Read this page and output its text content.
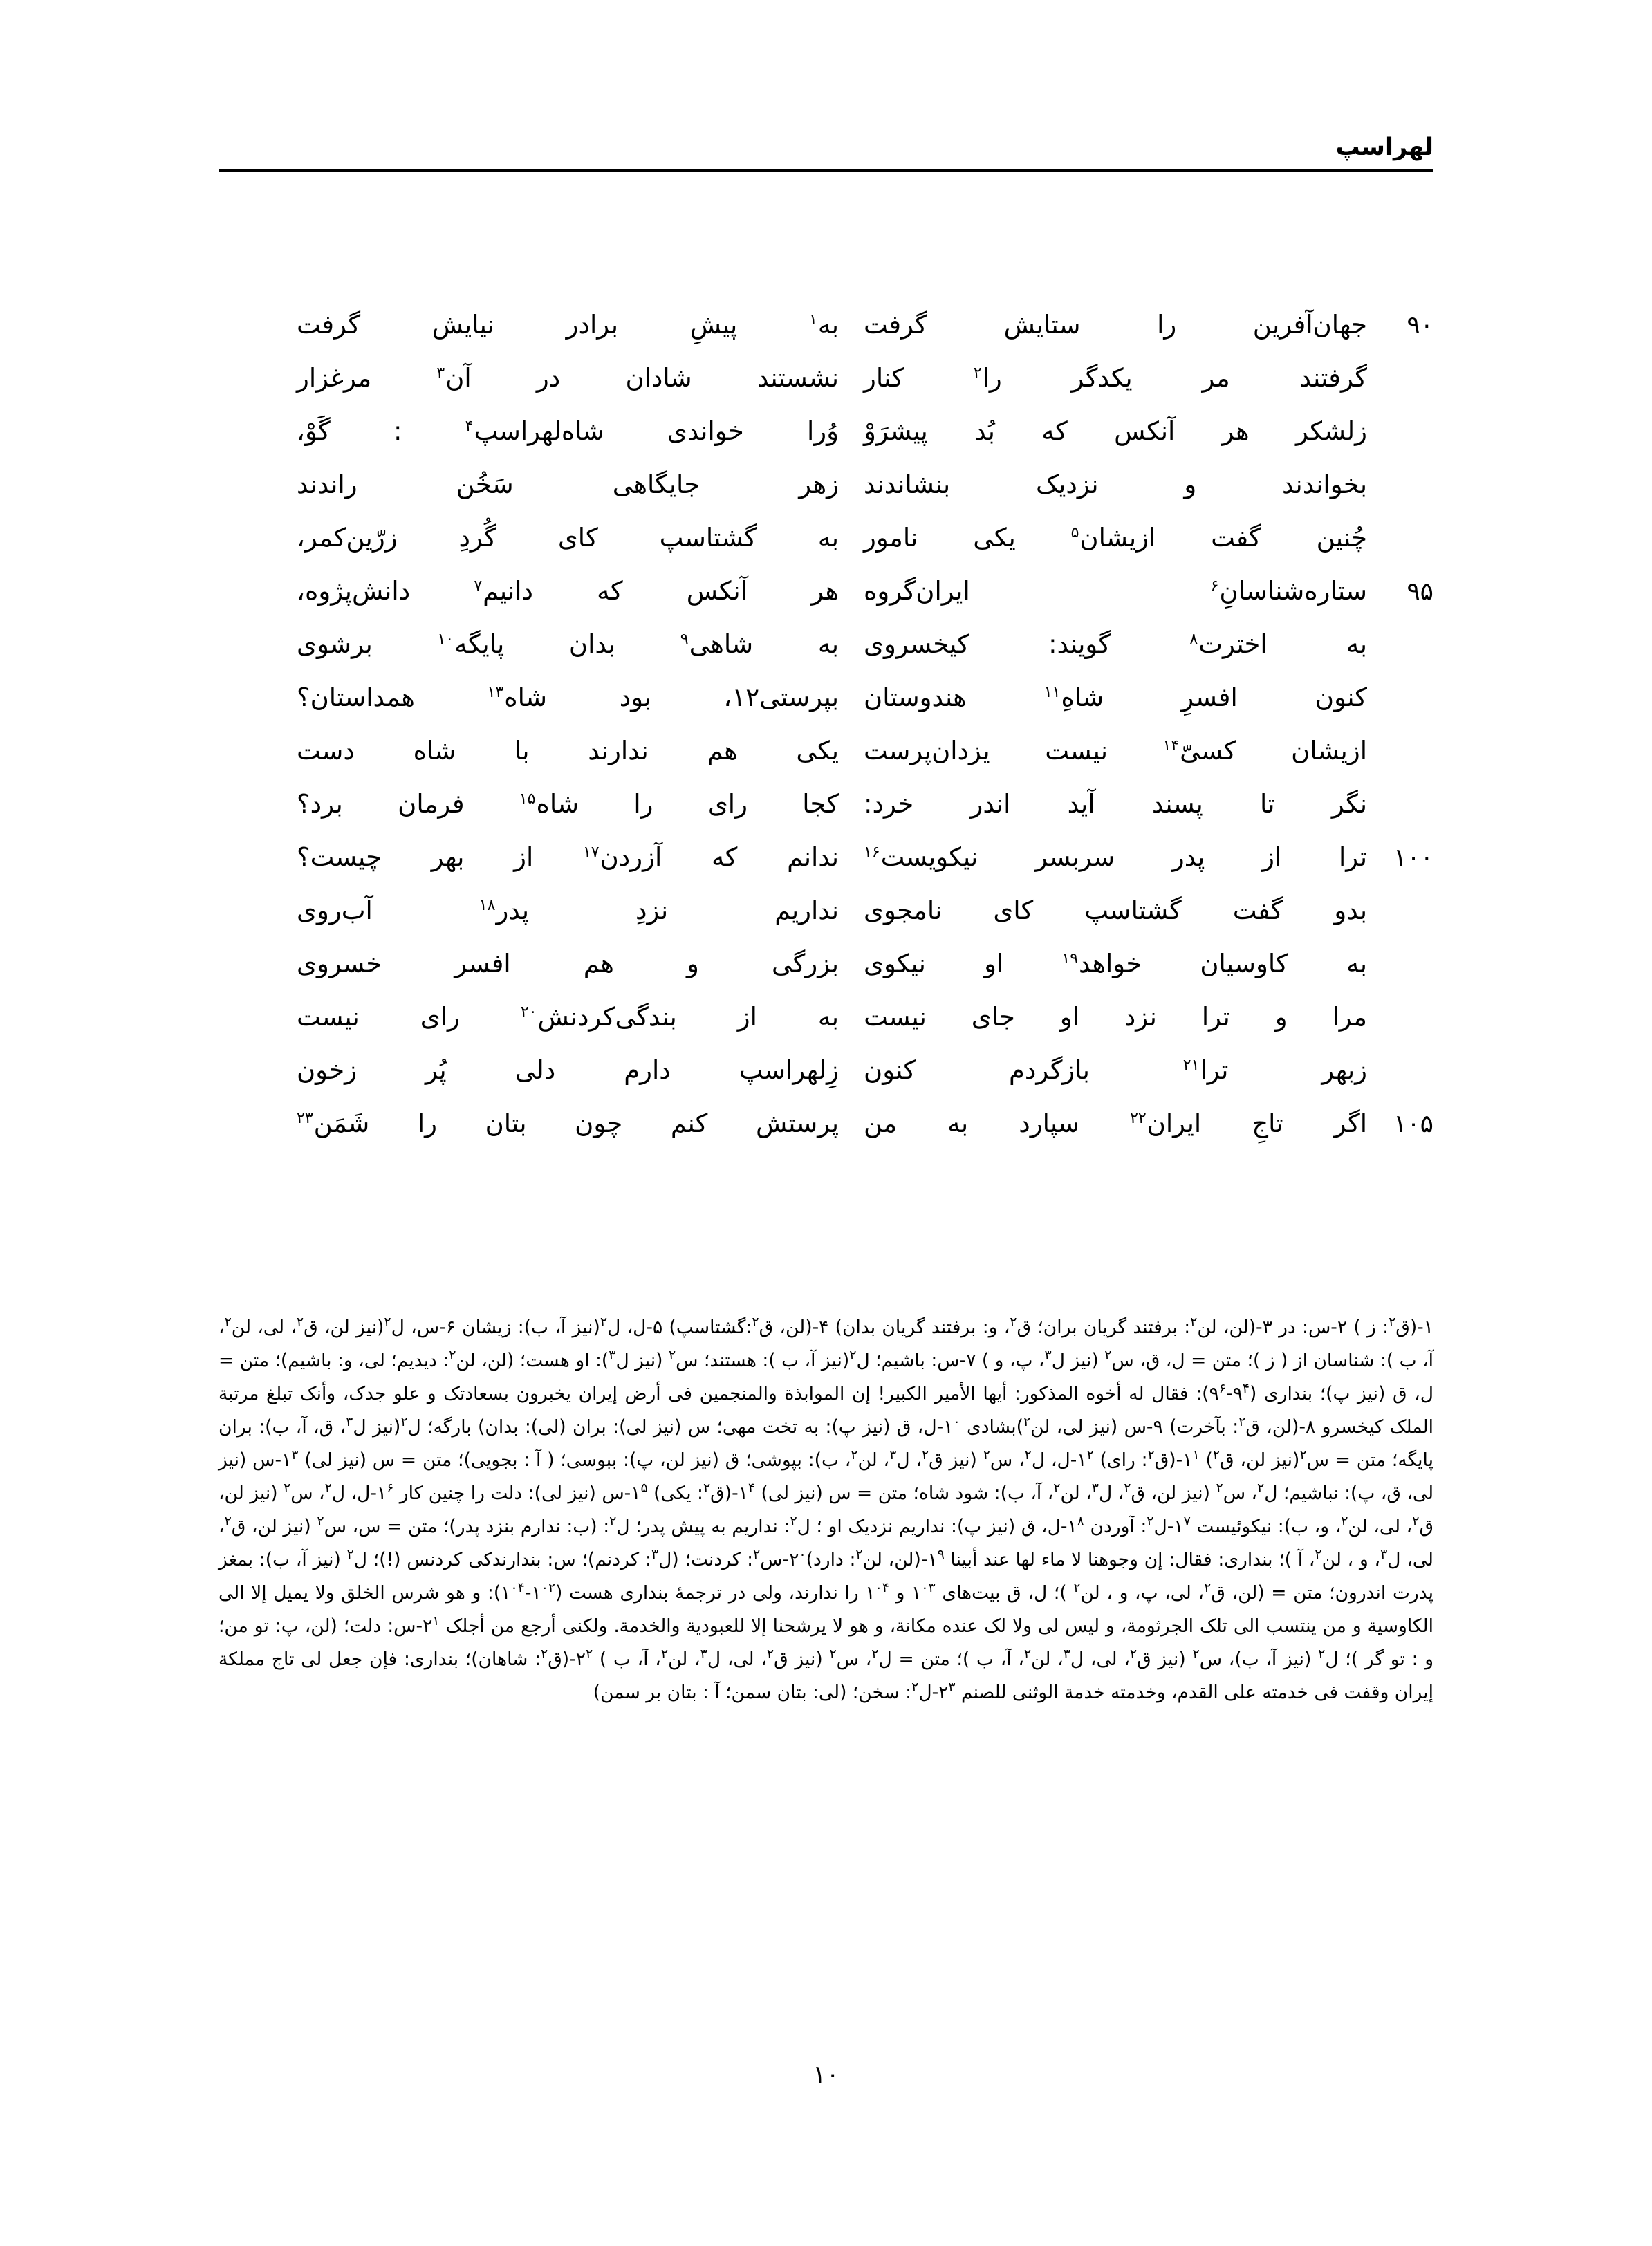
لهراسپ
۹۰
جهان‌آفرین
را
ستایش
گرفت
به$^۱$
پیشِ
برادر
نیایش
گرفت
گرفتند
مر
یکدگر
را$^۲$
کنار
نشستند
شادان
در
آن$^۳$
مرغزار
زلشکر
هر
آنکس
که
بُد
پیشرَوْ
وُرا
خواندی
شاه‌لهراسپ$^۴$
:
گَوْ،
بخواندند
و
نزدیک
بنشاندند
زهر
جایگاهی
سَخُن
راندند
چُنین
گفت
ازیشان$^۵$
یکی
نامور
به
گشتاسپ
کای
گُردِ
زرّین‌کمر،
۹۵
ستاره‌شناسانِ$^۶$
ایران‌گروه
هر
آنکس
که
دانیم$^۷$
دانش‌پژوه،
به
اخترت$^۸$
گویند:
کیخسروی
به
شاهی$^۹$
بدان
پایگه$^{۱۰}$
برشوی
کنون
افسرِ
شاهِ$^{۱۱}$
هندوستان
بپرستی۱۲،
بود
شاه$^{۱۳}$
همداستان؟
ازیشان
کسیّ$^{۱۴}$
نیست
یزدان‌پرست
یکی
هم
ندارند
با
شاه
دست
نگر
تا
پسند
آید
اندر
خرد:
کجا
رای
را
شاه$^{۱۵}$
فرمان
برد؟
۱۰۰
ترا
از
پدر
سربسر
نیکویست$^{۱۶}$
ندانم
که
آزردن$^{۱۷}$
از
بهر
چیست؟
بدو
گفت
گشتاسپ
کای
نامجوی
نداریم
نزدِ
پدر$^{۱۸}$
آب‌روی
به
کاوسیان
خواهد$^{۱۹}$
او
نیکوی
بزرگی
و
هم
افسر
خسروی
مرا
و
ترا
نزد
او
جای
نیست
به
از
بندگی‌کردنش$^{۲۰}$
رای
نیست
زبهر
ترا$^{۲۱}$
بازگردم
کنون
زِلهراسپ
دارم
دلی
پُر
زخون
۱۰۵
اگر
تاجِ
ایران$^{۲۲}$
سپارد
به
من
پرستش
کنم
چون
بتان
را
شَمَن$^{۲۳}$

۱-(ق$^۲$: ز ) ۲-س: در ۳-(لن، لن$^۲$: برفتند گریان بران؛ ق$^۲$، و: برفتند گریان بدان) ۴-(لن، ق$^۲$:گشتاسپ) ۵-ل، ل$^۲$(نیز آ، ب): زیشان ۶-س، ل$^۲$(نیز لن، ق$^۲$، لی، لن$^۲$، آ، ب ): شناسان از ( ز )؛ متن = ل، ق، س$^۲$ (نیز ل$^۳$، پ، و ) ۷-س: باشیم؛ ل$^۲$(نیز آ، ب ): هستند؛ س$^۲$ (نیز ل$^۳$): او هست؛ (لن، لن$^۲$: دیدیم؛ لی، و: باشیم)؛ متن = ل، ق (نیز پ)؛ بنداری $(۹^۴-۹^۶)$: فقال له أخوه المذکور: أیها الأمیر الکبیر! إن الموابذة والمنجمین فی أرض إیران یخبرون بسعادتک و علو جدک، وأنک تبلغ مرتبة الملک کیخسرو ۸-(لن، ق$^۲$: بآخرت) ۹-س (نیز لی، لن$^۲$)بشادی $۱^۰-ل،$ ق (نیز پ): به تخت مهی؛ س (نیز لی): بران (لی): بدان) بارگه؛ ل$^۲$(نیز ل$^۳$، ق، آ، ب): بران پایگه؛ متن = س$^۲$(نیز لن، ق$^۲$) $۱^۱-(ق^۲$: رای) $۱^۲-ل،$ ل$^۲$، س$^۲$ (نیز ق$^۲$، ل$^۳$، لن$^۲$، ب): بپوشی؛ ق (نیز لن، پ): ببوسی؛ ( آ : بجویی)؛ متن = س (نیز لی) $۱^۳-س$ (نیز لی، ق، پ): نباشیم؛ ل$^۲$، س$^۲$ (نیز لن، ق$^۲$، ل$^۳$، لن$^۲$، آ، ب): شود شاه؛ متن = س (نیز لی) $۱^۴-(ق^۲$: یکی) $۱^۵-س$ (نیز لی): دلت را چنین کار $۱^۶-ل،$ ل$^۲$، س$^۲$ (نیز لن، ق$^۲$، لی، لن$^۲$، و، ب): نیکوئیست $۱^۷-ل^۲$: آوردن $۱^۸-ل،$ ق (نیز پ): نداریم نزدیک او ؛ ل$^۲$: نداریم به پیش پدر؛ ل$^۲$: (ب: ندارم بنزد پدر)؛ متن = س، س$^۲$ (نیز لن، ق$^۲$، لی، ل$^۳$، و ، لن$^۲$، آ )؛ بنداری: فقال: إن وجوهنا لا ماء لها عند أبینا $۱^۹-(لن،$ لن$^۲$: $دارد)۲^۰-س^۲$: کردنت؛ (ل$^۳$: کردنم)؛ س: بندارندکی کردنس (!)؛ ل$^۲$ (نیز آ، ب): بمغز پدرت اندرون؛ متن = (لن، ق$^۲$، لی، پ، و ، لن$^۲$ )؛ ل، ق بیت‌های $۱^{۰۳}$ و $۱^{۰۴}$ را ندارند، ولی در ترجمهٔ بنداری هست $(۱^{۰۲}-۱^{۰۴})$: و هو شرس الخلق ولا یمیل إلا الی الکاوسیة و من ینتسب الی تلک الجرثومة، و لیس لی ولا لک عنده مکانة، و هو لا یرشحنا إلا للعبودیة والخدمة. ولکنی أرجع من أجلک $۲^۱-س$: دلت؛ (لن، پ: تو من؛ و : تو گر )؛ ل$^۲$ (نیز آ، ب)، س$^۲$ (نیز ق$^۲$، لی، ل$^۳$، لن$^۲$، آ، ب )؛ متن = ل$^۲$، س$^۲$ (نیز ق$^۲$، لی، ل$^۳$، لن$^۲$، آ، ب ) $۲^۲-(ق^۲$: شاهان)؛ بنداری: فإن جعل لی تاج مملکة إیران وقفت فی خدمته علی القدم، وخدمته خدمة الوثنی للصنم $۲^۳-ل^۲$: سخن؛ (لی: بتان سمن؛ آ : بتان بر سمن)

۱۰
